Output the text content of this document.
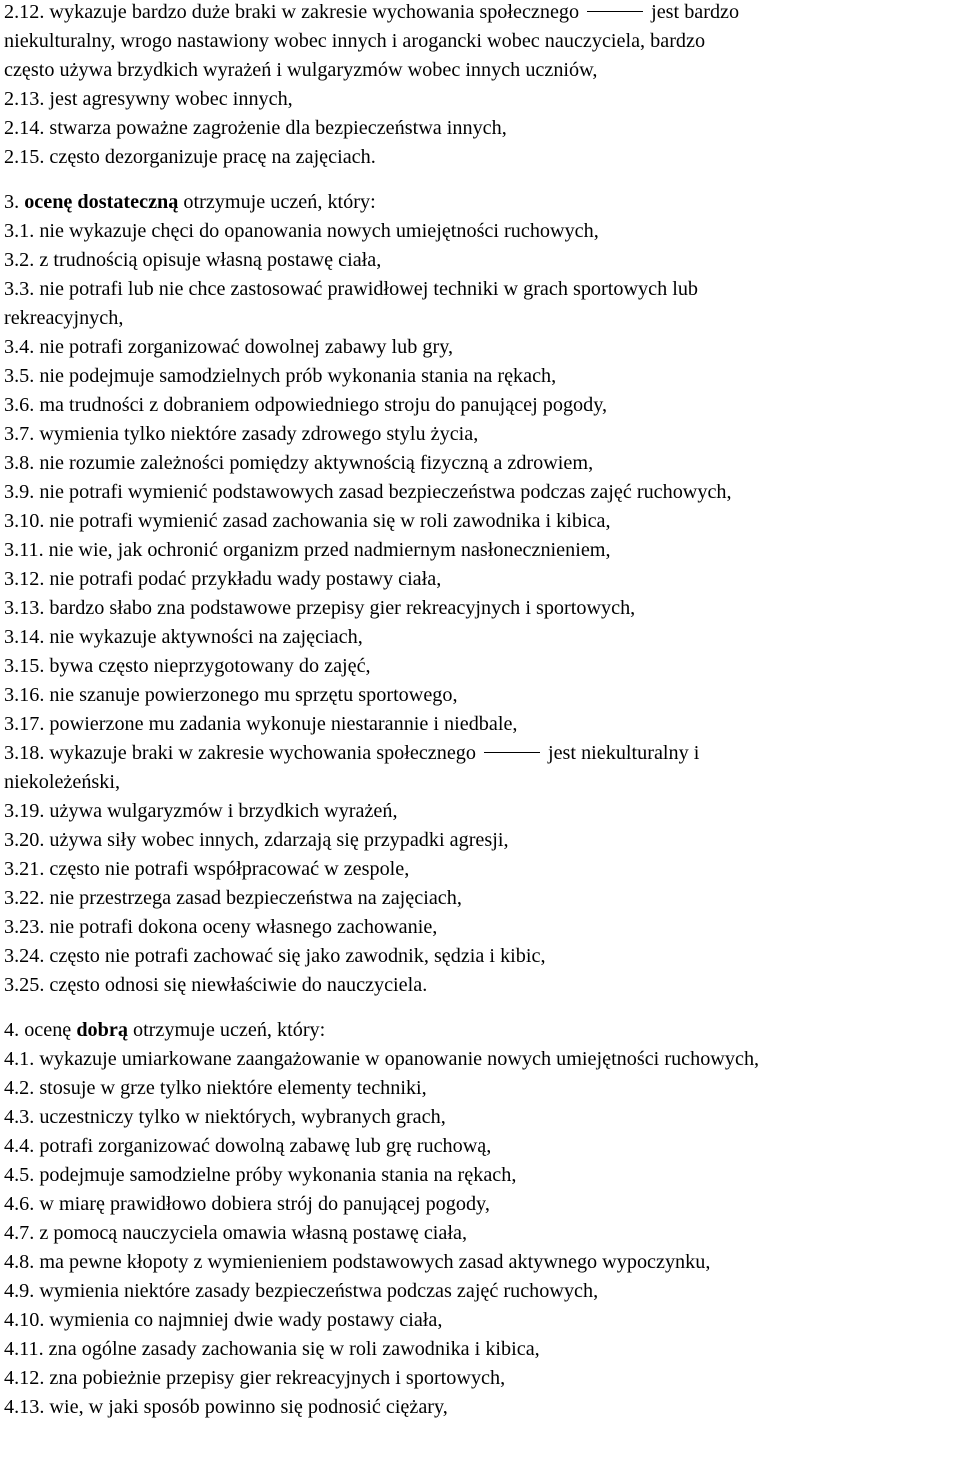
2.12. wykazuje bardzo duże braki w zakresie wychowania społecznego	jest bardzo
niekulturalny, wrogo nastawiony wobec innych i arogancki wobec nauczyciela, bardzo
często używa brzydkich wyrażeń i wulgaryzmów wobec innych uczniów,
2.13. jest agresywny wobec innych,
2.14. stwarza poważne zagrożenie dla bezpieczeństwa innych,
2.15. często dezorganizuje pracę na zajęciach.
3. ocenę dostateczną otrzymuje uczeń, który:
3.1. nie wykazuje chęci do opanowania nowych umiejętności ruchowych,
3.2. z trudnością opisuje własną postawę ciała,
3.3. nie potrafi lub nie chce zastosować prawidłowej techniki w grach sportowych lub
rekreacyjnych,
3.4. nie potrafi zorganizować dowolnej zabawy lub gry,
3.5. nie podejmuje samodzielnych prób wykonania stania na rękach,
3.6. ma trudności z dobraniem odpowiedniego stroju do panującej pogody,
3.7. wymienia tylko niektóre zasady zdrowego stylu życia,
3.8. nie rozumie zależności pomiędzy aktywnością fizyczną a zdrowiem,
3.9. nie potrafi wymienić podstawowych zasad bezpieczeństwa podczas zajęć ruchowych,
3.10. nie potrafi wymienić zasad zachowania się w roli zawodnika i kibica,
3.11. nie wie, jak ochronić organizm przed nadmiernym nasłonecznieniem,
3.12. nie potrafi podać przykładu wady postawy ciała,
3.13. bardzo słabo zna podstawowe przepisy gier rekreacyjnych i sportowych,
3.14. nie wykazuje aktywności na zajęciach,
3.15. bywa często nieprzygotowany do zajęć,
3.16. nie szanuje powierzonego mu sprzętu sportowego,
3.17. powierzone mu zadania wykonuje niestarannie i niedbale,
3.18. wykazuje braki w zakresie wychowania społecznego	jest niekulturalny i
niekoleżeński,
3.19. używa wulgaryzmów i brzydkich wyrażeń,
3.20. używa siły wobec innych, zdarzają się przypadki agresji,
3.21. często nie potrafi współpracować w zespole,
3.22. nie przestrzega zasad bezpieczeństwa na zajęciach,
3.23. nie potrafi dokona oceny własnego zachowanie,
3.24. często nie potrafi zachować się jako zawodnik, sędzia i kibic,
3.25. często odnosi się niewłaściwie do nauczyciela.
4. ocenę dobrą otrzymuje uczeń, który:
4.1. wykazuje umiarkowane zaangażowanie w opanowanie nowych umiejętności ruchowych,
4.2. stosuje w grze tylko niektóre elementy techniki,
4.3. uczestniczy tylko w niektórych, wybranych grach,
4.4. potrafi zorganizować dowolną zabawę lub grę ruchową,
4.5. podejmuje samodzielne próby wykonania stania na rękach,
4.6. w miarę prawidłowo dobiera strój do panującej pogody,
4.7. z pomocą nauczyciela omawia własną postawę ciała,
4.8. ma pewne kłopoty z wymienieniem podstawowych zasad aktywnego wypoczynku,
4.9. wymienia niektóre zasady bezpieczeństwa podczas zajęć ruchowych,
4.10. wymienia co najmniej dwie wady postawy ciała,
4.11. zna ogólne zasady zachowania się w roli zawodnika i kibica,
4.12. zna pobieżnie przepisy gier rekreacyjnych i sportowych,
4.13. wie, w jaki sposób powinno się podnosić ciężary,
